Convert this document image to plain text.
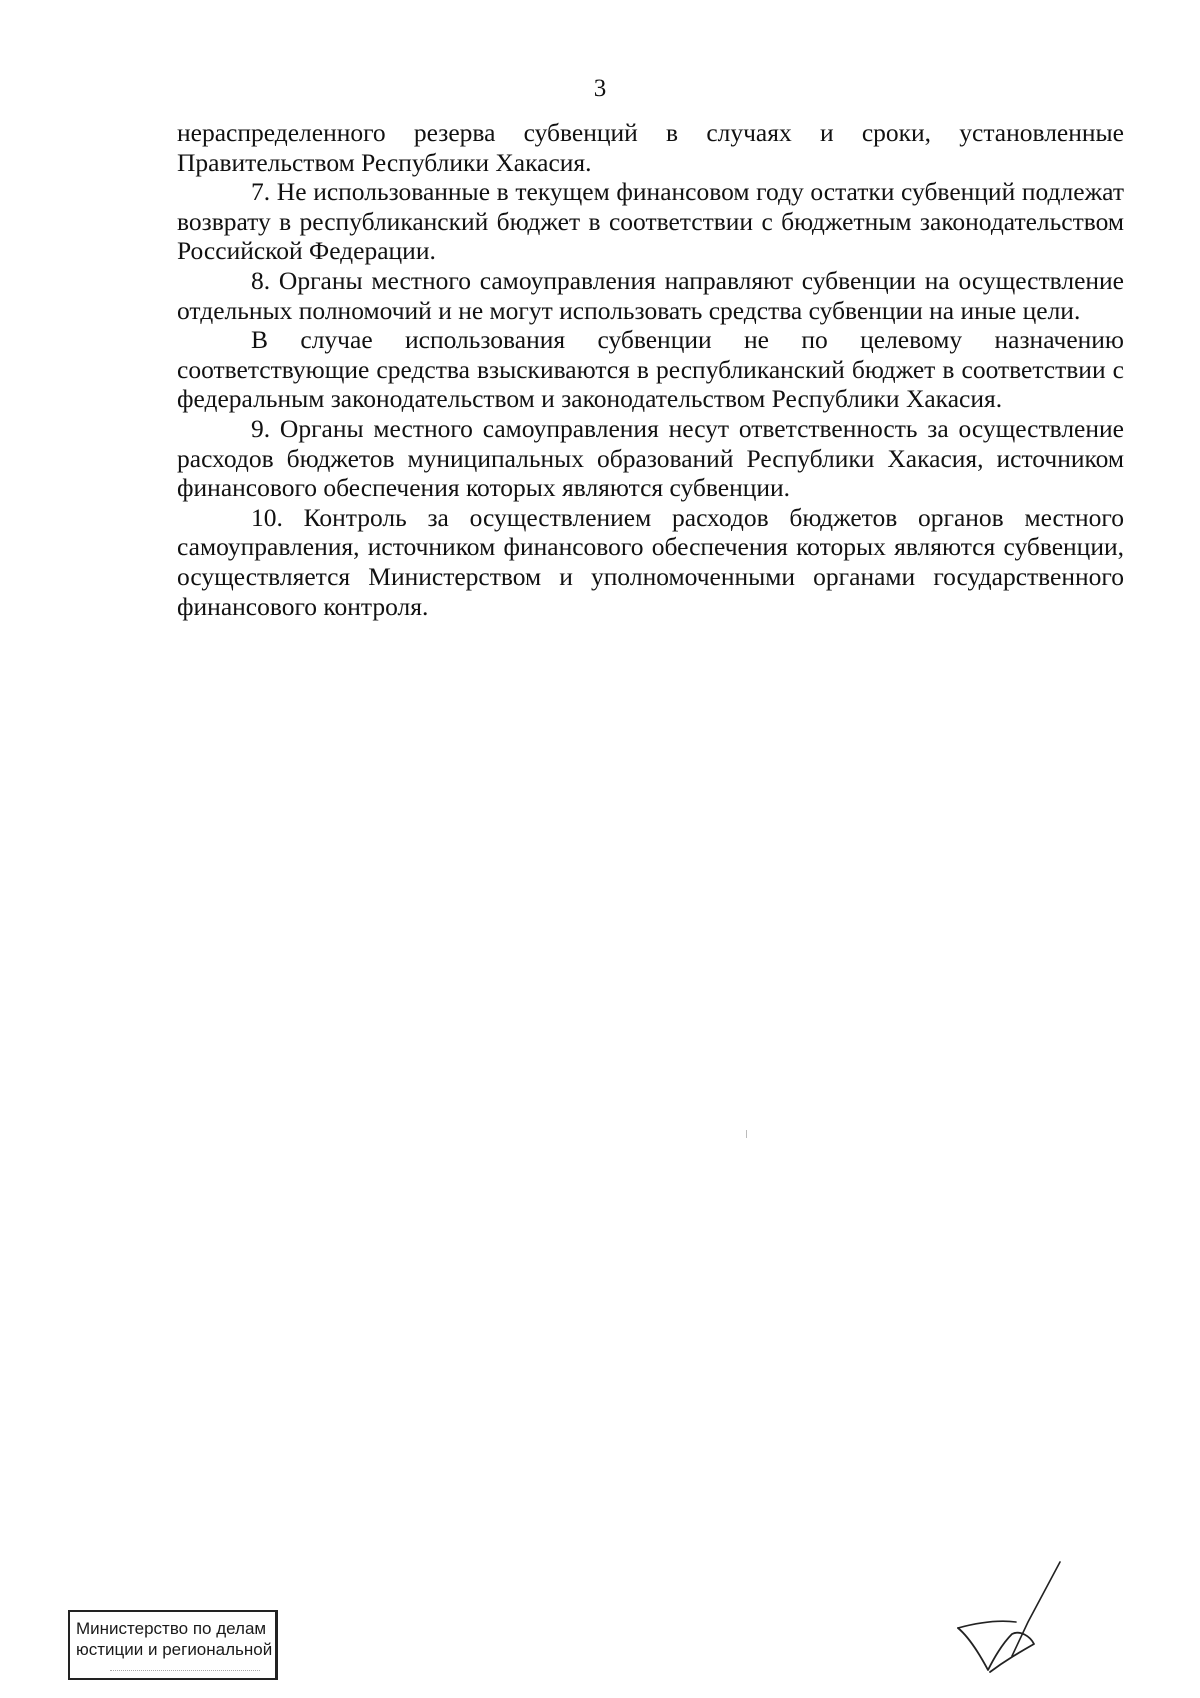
3

нераспределенного резерва субвенций в случаях и сроки, установленные Правительством Республики Хакасия.

7. Не использованные в текущем финансовом году остатки субвенций подлежат возврату в республиканский бюджет в соответствии с бюджетным законодательством Российской Федерации.

8. Органы местного самоуправления направляют субвенции на осуществление отдельных полномочий и не могут использовать средства субвенции на иные цели.

В случае использования субвенции не по целевому назначению соответствующие средства взыскиваются в республиканский бюджет в соответствии с федеральным законодательством и законодательством Республики Хакасия.

9. Органы местного самоуправления несут ответственность за осуществление расходов бюджетов муниципальных образований Республики Хакасия, источником финансового обеспечения которых являются субвенции.

10. Контроль за осуществлением расходов бюджетов органов местного самоуправления, источником финансового обеспечения которых являются субвенции, осуществляется Министерством и уполномоченными органами государственного финансового контроля.

Министерство по делам
юстиции и региональной
